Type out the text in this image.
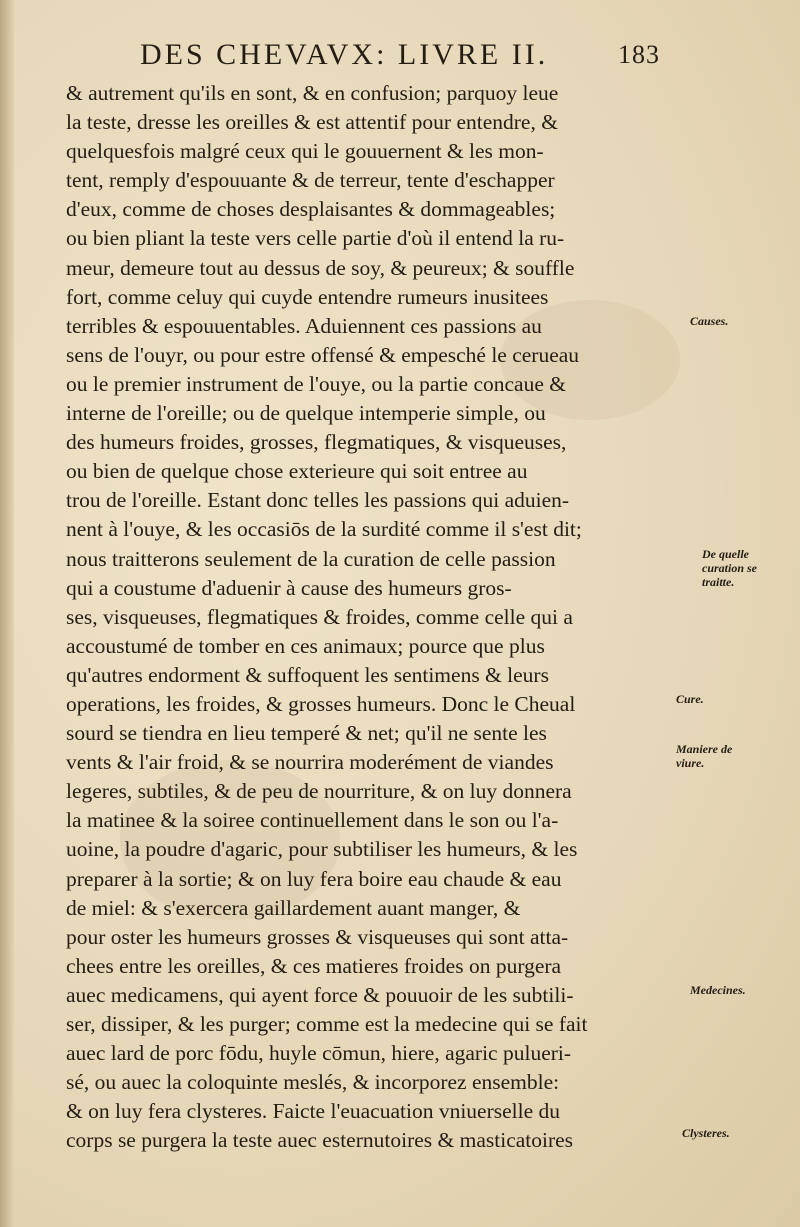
DES CHEVAVX: LIVRE II.	183
& autrement qu'ils en sont, & en confusion; parquoy leue
la teste, dresse les oreilles & est attentif pour entendre, &
quelquesfois malgré ceux qui le gouuernent & les mon-
tent, remply d'espouuante & de terreur, tente d'eschapper
d'eux, comme de choses desplaisantes & dommageables;
ou bien pliant la teste vers celle partie d'où il entend la ru-
meur, demeure tout au dessus de soy, & peureux; & souffle
fort, comme celuy qui cuyde entendre rumeurs inusitees
terribles & espouuentables. Aduiennent ces passions au
sens de l'ouyr, ou pour estre offensé & empesché le cerueau
ou le premier instrument de l'ouye, ou la partie concaue &
interne de l'oreille; ou de quelque intemperie simple, ou
des humeurs froides, grosses, flegmatiques, & visqueuses,
ou bien de quelque chose exterieure qui soit entree au
trou de l'oreille. Estant donc telles les passions qui aduien-
nent à l'ouye, & les occasiōs de la surdité comme il s'est dit;
nous traitterons seulement de la curation de celle passion
qui a coustume d'aduenir à cause des humeurs gros-
ses, visqueuses, flegmatiques & froides, comme celle qui a
accoustumé de tomber en ces animaux; pource que plus
qu'autres endorment & suffoquent les sentimens & leurs
operations, les froides, & grosses humeurs. Donc le Cheual
sourd se tiendra en lieu temperé & net; qu'il ne sente les
vents & l'air froid, & se nourrira moderément de viandes
legeres, subtiles, & de peu de nourriture, & on luy donnera
la matinee & la soiree continuellement dans le son ou l'a-
uoine, la poudre d'agaric, pour subtiliser les humeurs, & les
preparer à la sortie; & on luy fera boire eau chaude & eau
de miel: & s'exercera gaillardement auant manger, &
pour oster les humeurs grosses & visqueuses qui sont atta-
chees entre les oreilles, & ces matieres froides on purgera
auec medicamens, qui ayent force & pouuoir de les subtili-
ser, dissiper, & les purger; comme est la medecine qui se fait
auec lard de porc fōdu, huyle cōmun, hiere, agaric pulueri-
sé, ou auec la coloquinte meslés, & incorporez ensemble:
& on luy fera clysteres. Faicte l'euacuation vniuerselle du
corps se purgera la teste auec esternutoires & masticatoires
Causes.
De quelle
curation se
traitte.
Cure.
Maniere de
viure.
Medecines.
Clysteres.
